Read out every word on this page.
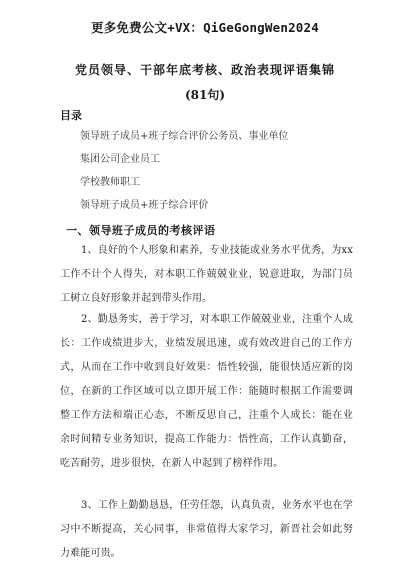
更多免费公文+VX：QiGeGongWen2024
党员领导、干部年底考核、政治表现评语集锦
(81句)
目录
领导班子成员+班子综合评价公务员、事业单位
集团公司企业员工
学校教师职工
领导班子成员+班子综合评价
一、领导班子成员的考核评语

1、良好的个人形象和素养，专业技能或业务水平优秀，为xx工作不计个人得失，对本职工作兢兢业业，锐意进取，为部门员工树立良好形象并起到带头作用。

2、勤恳务实，善于学习，对本职工作兢兢业业，注重个人成长：工作成绩进步大，业绩发展迅速，或有效改进自己的工作方式，从而在工作中收到良好效果：悟性较强，能很快适应新的岗位，在新的工作区域可以立即开展工作：能随时根据工作需要调整工作方法和端正心态，不断反思自己，注重个人成长：能在业余时间精专业务知识，提高工作能力：悟性高，工作认真勤奋，吃苦耐劳，进步很快，在新人中起到了榜样作用。

3、工作上勤勤恳恳，任劳任怨，认真负责，业务水平也在学习中不断提高，关心同事，非常值得大家学习，新晋社会如此努力难能可贵。
